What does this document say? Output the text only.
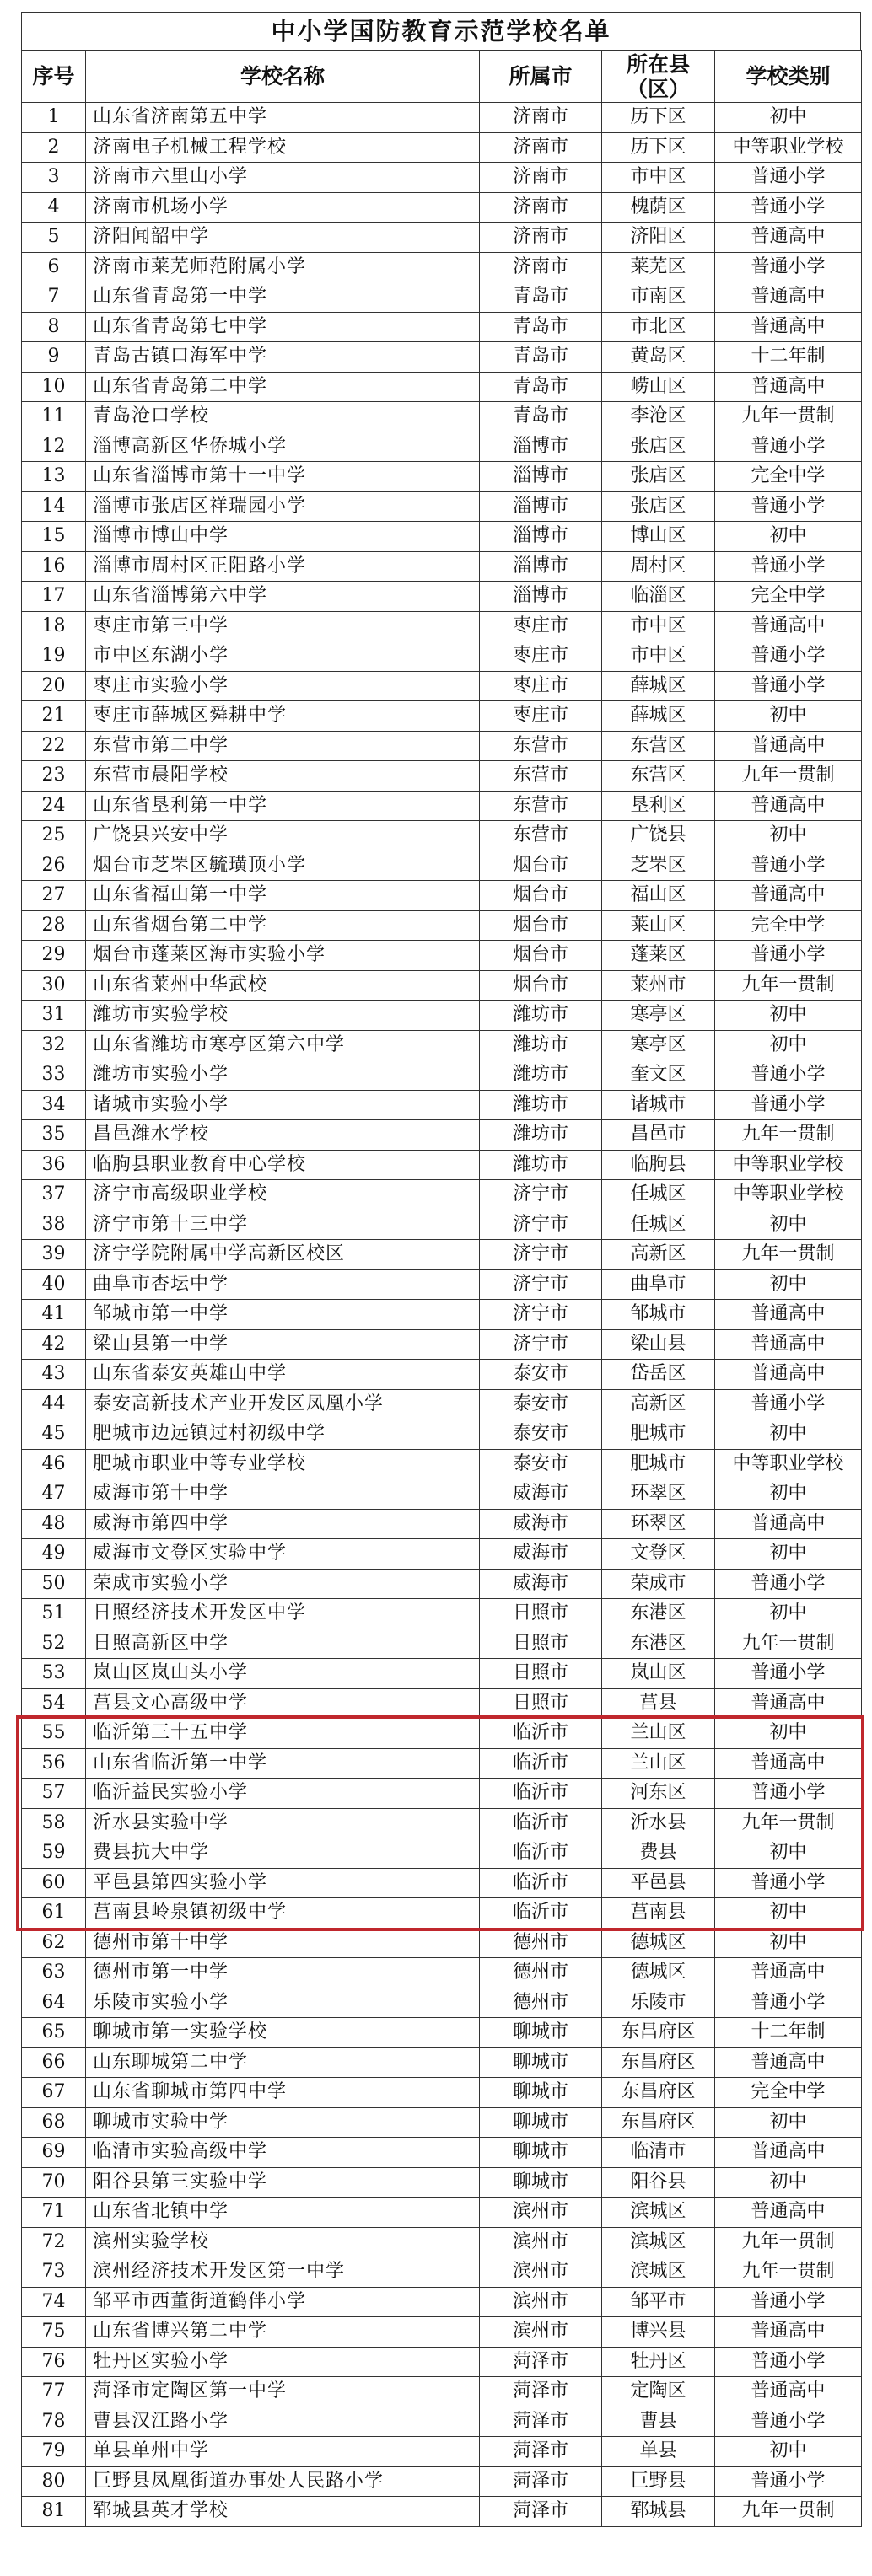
中小学国防教育示范学校名单
序号	学校名称	所属市	所在县（区）	学校类别
1	山东省济南第五中学	济南市	历下区	初中
2	济南电子机械工程学校	济南市	历下区	中等职业学校
3	济南市六里山小学	济南市	市中区	普通小学
4	济南市机场小学	济南市	槐荫区	普通小学
5	济阳闻韶中学	济南市	济阳区	普通高中
6	济南市莱芜师范附属小学	济南市	莱芜区	普通小学
7	山东省青岛第一中学	青岛市	市南区	普通高中
8	山东省青岛第七中学	青岛市	市北区	普通高中
9	青岛古镇口海军中学	青岛市	黄岛区	十二年制
10	山东省青岛第二中学	青岛市	崂山区	普通高中
11	青岛沧口学校	青岛市	李沧区	九年一贯制
12	淄博高新区华侨城小学	淄博市	张店区	普通小学
13	山东省淄博市第十一中学	淄博市	张店区	完全中学
14	淄博市张店区祥瑞园小学	淄博市	张店区	普通小学
15	淄博市博山中学	淄博市	博山区	初中
16	淄博市周村区正阳路小学	淄博市	周村区	普通小学
17	山东省淄博第六中学	淄博市	临淄区	完全中学
18	枣庄市第三中学	枣庄市	市中区	普通高中
19	市中区东湖小学	枣庄市	市中区	普通小学
20	枣庄市实验小学	枣庄市	薛城区	普通小学
21	枣庄市薛城区舜耕中学	枣庄市	薛城区	初中
22	东营市第二中学	东营市	东营区	普通高中
23	东营市晨阳学校	东营市	东营区	九年一贯制
24	山东省垦利第一中学	东营市	垦利区	普通高中
25	广饶县兴安中学	东营市	广饶县	初中
26	烟台市芝罘区毓璜顶小学	烟台市	芝罘区	普通小学
27	山东省福山第一中学	烟台市	福山区	普通高中
28	山东省烟台第二中学	烟台市	莱山区	完全中学
29	烟台市蓬莱区海市实验小学	烟台市	蓬莱区	普通小学
30	山东省莱州中华武校	烟台市	莱州市	九年一贯制
31	潍坊市实验学校	潍坊市	寒亭区	初中
32	山东省潍坊市寒亭区第六中学	潍坊市	寒亭区	初中
33	潍坊市实验小学	潍坊市	奎文区	普通小学
34	诸城市实验小学	潍坊市	诸城市	普通小学
35	昌邑潍水学校	潍坊市	昌邑市	九年一贯制
36	临朐县职业教育中心学校	潍坊市	临朐县	中等职业学校
37	济宁市高级职业学校	济宁市	任城区	中等职业学校
38	济宁市第十三中学	济宁市	任城区	初中
39	济宁学院附属中学高新区校区	济宁市	高新区	九年一贯制
40	曲阜市杏坛中学	济宁市	曲阜市	初中
41	邹城市第一中学	济宁市	邹城市	普通高中
42	梁山县第一中学	济宁市	梁山县	普通高中
43	山东省泰安英雄山中学	泰安市	岱岳区	普通高中
44	泰安高新技术产业开发区凤凰小学	泰安市	高新区	普通小学
45	肥城市边远镇过村初级中学	泰安市	肥城市	初中
46	肥城市职业中等专业学校	泰安市	肥城市	中等职业学校
47	威海市第十中学	威海市	环翠区	初中
48	威海市第四中学	威海市	环翠区	普通高中
49	威海市文登区实验中学	威海市	文登区	初中
50	荣成市实验小学	威海市	荣成市	普通小学
51	日照经济技术开发区中学	日照市	东港区	初中
52	日照高新区中学	日照市	东港区	九年一贯制
53	岚山区岚山头小学	日照市	岚山区	普通小学
54	莒县文心高级中学	日照市	莒县	普通高中
55	临沂第三十五中学	临沂市	兰山区	初中
56	山东省临沂第一中学	临沂市	兰山区	普通高中
57	临沂益民实验小学	临沂市	河东区	普通小学
58	沂水县实验中学	临沂市	沂水县	九年一贯制
59	费县抗大中学	临沂市	费县	初中
60	平邑县第四实验小学	临沂市	平邑县	普通小学
61	莒南县岭泉镇初级中学	临沂市	莒南县	初中
62	德州市第十中学	德州市	德城区	初中
63	德州市第一中学	德州市	德城区	普通高中
64	乐陵市实验小学	德州市	乐陵市	普通小学
65	聊城市第一实验学校	聊城市	东昌府区	十二年制
66	山东聊城第二中学	聊城市	东昌府区	普通高中
67	山东省聊城市第四中学	聊城市	东昌府区	完全中学
68	聊城市实验中学	聊城市	东昌府区	初中
69	临清市实验高级中学	聊城市	临清市	普通高中
70	阳谷县第三实验中学	聊城市	阳谷县	初中
71	山东省北镇中学	滨州市	滨城区	普通高中
72	滨州实验学校	滨州市	滨城区	九年一贯制
73	滨州经济技术开发区第一中学	滨州市	滨城区	九年一贯制
74	邹平市西董街道鹤伴小学	滨州市	邹平市	普通小学
75	山东省博兴第二中学	滨州市	博兴县	普通高中
76	牡丹区实验小学	菏泽市	牡丹区	普通小学
77	菏泽市定陶区第一中学	菏泽市	定陶区	普通高中
78	曹县汉江路小学	菏泽市	曹县	普通小学
79	单县单州中学	菏泽市	单县	初中
80	巨野县凤凰街道办事处人民路小学	菏泽市	巨野县	普通小学
81	郓城县英才学校	菏泽市	郓城县	九年一贯制
